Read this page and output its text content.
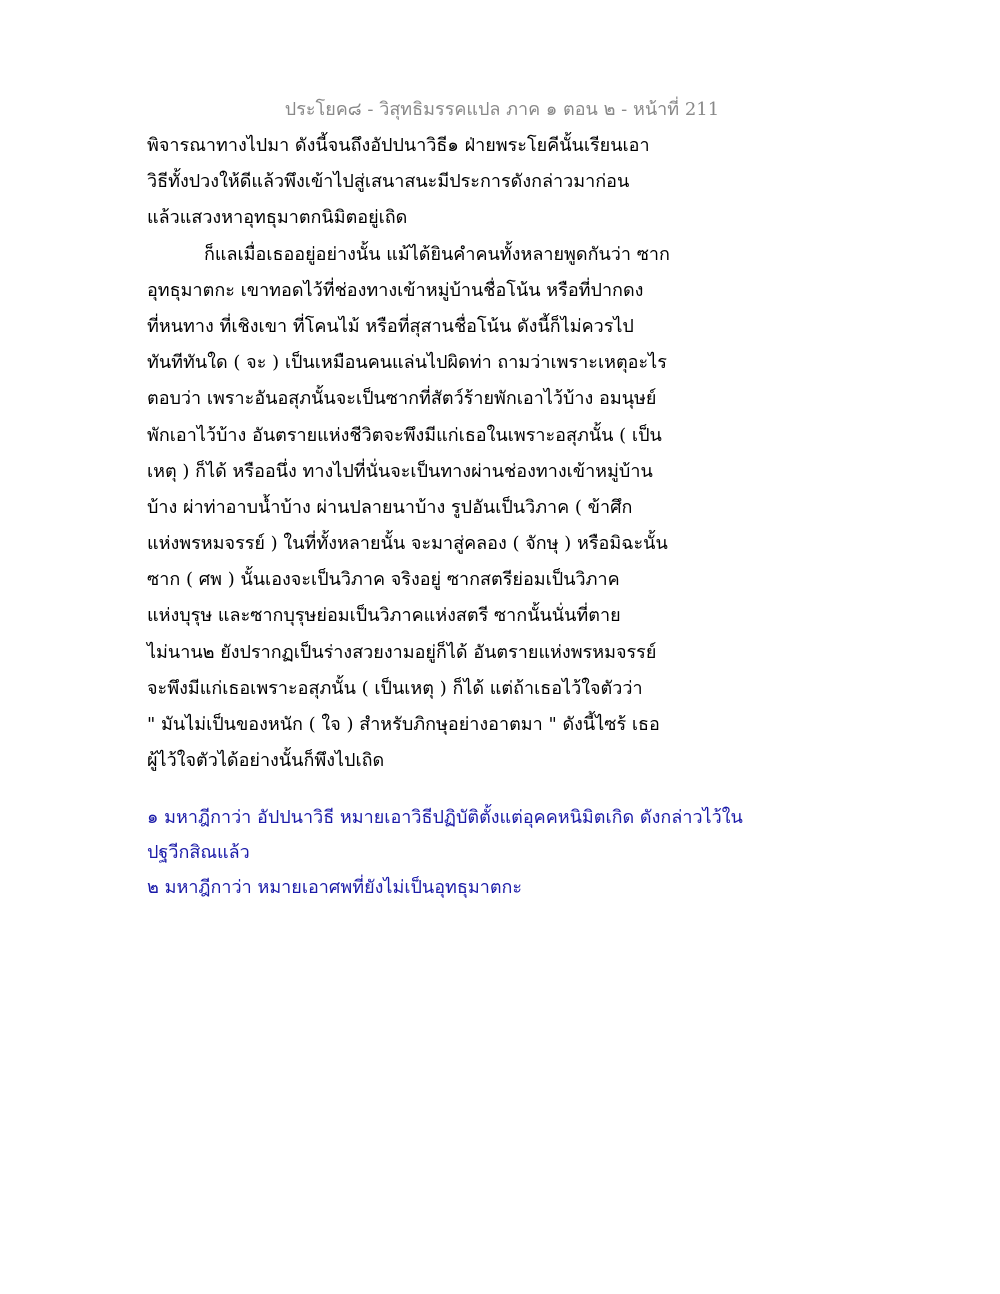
ประโยค๘ - วิสุทธิมรรคแปล ภาค ๑ ตอน ๒ - หน้าที่ 211
พิจารณาทางไปมา ดังนี้จนถึงอัปปนาวิธี๑ ฝ่ายพระโยคีนั้นเรียนเอา
วิธีทั้งปวงให้ดีแล้วพึงเข้าไปสู่เสนาสนะมีประการดังกล่าวมาก่อน
แล้วแสวงหาอุทธุมาตกนิมิตอยู่เถิด
ก็แลเมื่อเธออยู่อย่างนั้น แม้ได้ยินคำคนทั้งหลายพูดกันว่า ซาก
อุทธุมาตกะ เขาทอดไว้ที่ช่องทางเข้าหมู่บ้านชื่อโน้น หรือที่ปากดง
ที่หนทาง ที่เชิงเขา ที่โคนไม้ หรือที่สุสานชื่อโน้น ดังนี้ก็ไม่ควรไป
ทันทีทันใด ( จะ ) เป็นเหมือนคนแล่นไปผิดท่า ถามว่าเพราะเหตุอะไร
ตอบว่า เพราะอันอสุภนั้นจะเป็นซากที่สัตว์ร้ายพักเอาไว้บ้าง อมนุษย์
พักเอาไว้บ้าง อันตรายแห่งชีวิตจะพึงมีแก่เธอในเพราะอสุภนั้น ( เป็น
เหตุ ) ก็ได้ หรืออนึ่ง ทางไปที่นั่นจะเป็นทางผ่านช่องทางเข้าหมู่บ้าน
บ้าง ผ่าท่าอาบน้ำบ้าง ผ่านปลายนาบ้าง รูปอันเป็นวิภาค ( ข้าศึก
แห่งพรหมจรรย์ ) ในที่ทั้งหลายนั้น จะมาสู่คลอง ( จักษุ ) หรือมิฉะนั้น
ซาก ( ศพ ) นั้นเองจะเป็นวิภาค จริงอยู่ ซากสตรีย่อมเป็นวิภาค
แห่งบุรุษ และซากบุรุษย่อมเป็นวิภาคแห่งสตรี ซากนั้นนั่นที่ตาย
ไม่นาน๒ ยังปรากฏเป็นร่างสวยงามอยู่ก็ได้ อันตรายแห่งพรหมจรรย์
จะพึงมีแก่เธอเพราะอสุภนั้น ( เป็นเหตุ ) ก็ได้ แต่ถ้าเธอไว้ใจตัวว่า
" มันไม่เป็นของหนัก ( ใจ ) สำหรับภิกษุอย่างอาตมา " ดังนี้ไซร้ เธอ
ผู้ไว้ใจตัวได้อย่างนั้นก็พึงไปเถิด
๑ มหาฎีกาว่า อัปปนาวิธี หมายเอาวิธีปฏิบัติตั้งแต่อุคคหนิมิตเกิด ดังกล่าวไว้ใน
ปฐวีกสิณแล้ว
๒ มหาฎีกาว่า หมายเอาศพที่ยังไม่เป็นอุทธุมาตกะ
